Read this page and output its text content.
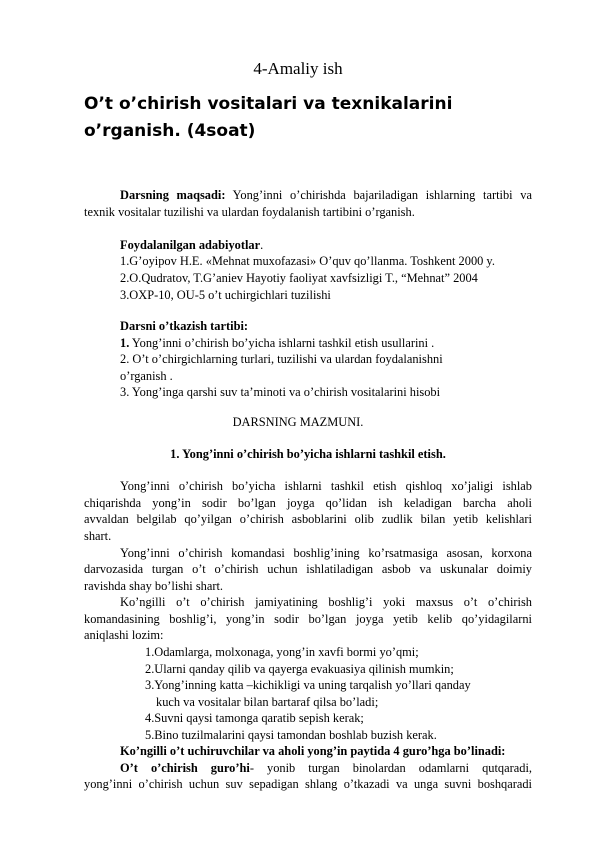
4-Amaliy ish
O’t o’chirish vositalari va texnikalarini
o’rganish. (4soat)
Darsning maqsadi: Yong’inni o’chirishda bajariladigan ishlarning tartibi va
texnik vositalar tuzilishi va ulardan foydalanish tartibini o’rganish.
Foydalanilgan adabiyotlar.
1.G’oyipov H.E. «Mehnat muxofazasi» O’quv qo’llanma. Toshkent 2000 y.
2.O.Qudratov, T.G’aniev Hayotiy faoliyat xavfsizligi T., “Mehnat” 2004
3.OXP-10, OU-5 o’t uchirgichlari tuzilishi
Darsni o’tkazish tartibi:
1. Yong’inni o’chirish bo’yicha ishlarni tashkil etish usullarini .
2. O’t o’chirgichlarning turlari, tuzilishi va ulardan foydalanishni
o’rganish .
3. Yong’inga qarshi suv ta’minoti va o’chirish vositalarini hisobi
DARSNING MAZMUNI.
1. Yong’inni o’chirish bo’yicha ishlarni tashkil etish.
Yong’inni o’chirish bo’yicha ishlarni tashkil etish qishloq xo’jaligi ishlab
chiqarishda yong’in sodir bo’lgan joyga qo’lidan ish keladigan barcha aholi
avvaldan belgilab qo’yilgan o’chirish asboblarini olib zudlik bilan yetib kelishlari
shart.
Yong’inni o’chirish komandasi boshlig’ining ko’rsatmasiga asosan, korxona
darvozasida turgan o’t o’chirish uchun ishlatiladigan asbob va uskunalar doimiy
ravishda shay bo’lishi shart.
Ko’ngilli o’t o’chirish jamiyatining boshlig’i yoki maxsus o’t o’chirish
komandasining boshlig’i, yong’in sodir bo’lgan joyga yetib kelib qo’yidagilarni
aniqlashi lozim:
1.Odamlarga, molxonaga, yong’in xavfi bormi yo’qmi;
2.Ularni qanday qilib va qayerga evakuasiya qilinish mumkin;
3.Yong’inning katta –kichikligi va uning tarqalish yo’llari qanday
kuch va vositalar bilan bartaraf qilsa bo’ladi;
4.Suvni qaysi tamonga qaratib sepish kerak;
5.Bino tuzilmalarini qaysi tamondan boshlab buzish kerak.
Ko’ngilli o’t uchiruvchilar va aholi yong’in paytida 4 guro’hga bo’linadi:
O’t o’chirish guro’hi- yonib turgan binolardan odamlarni qutqaradi,
yong’inni o’chirish uchun suv sepadigan shlang o’tkazadi va unga suvni boshqaradi
